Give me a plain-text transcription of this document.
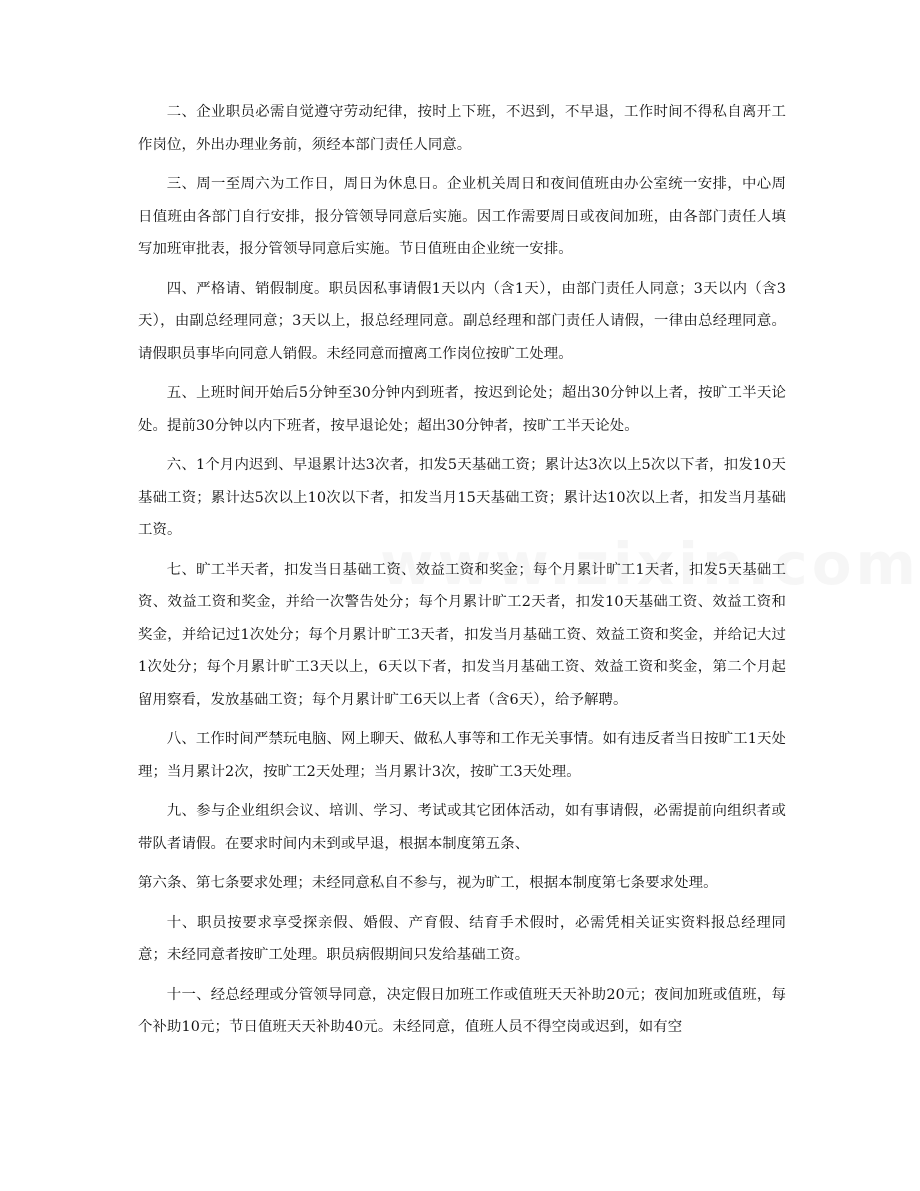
二、企业职员必需自觉遵守劳动纪律，按时上下班，不迟到，不早退，工作时间不得私自离开工作岗位，外出办理业务前，须经本部门责任人同意。

三、周一至周六为工作日，周日为休息日。企业机关周日和夜间值班由办公室统一安排，中心周日值班由各部门自行安排，报分管领导同意后实施。因工作需要周日或夜间加班，由各部门责任人填写加班审批表，报分管领导同意后实施。节日值班由企业统一安排。

四、严格请、销假制度。职员因私事请假1天以内（含1天），由部门责任人同意；3天以内（含3天），由副总经理同意；3天以上，报总经理同意。副总经理和部门责任人请假，一律由总经理同意。请假职员事毕向同意人销假。未经同意而擅离工作岗位按旷工处理。

五、上班时间开始后5分钟至30分钟内到班者，按迟到论处；超出30分钟以上者，按旷工半天论处。提前30分钟以内下班者，按早退论处；超出30分钟者，按旷工半天论处。

六、1个月内迟到、早退累计达3次者，扣发5天基础工资；累计达3次以上5次以下者，扣发10天基础工资；累计达5次以上10次以下者，扣发当月15天基础工资；累计达10次以上者，扣发当月基础工资。

七、旷工半天者，扣发当日基础工资、效益工资和奖金；每个月累计旷工1天者，扣发5天基础工资、效益工资和奖金，并给一次警告处分；每个月累计旷工2天者，扣发10天基础工资、效益工资和奖金，并给记过1次处分；每个月累计旷工3天者，扣发当月基础工资、效益工资和奖金，并给记大过1次处分；每个月累计旷工3天以上，6天以下者，扣发当月基础工资、效益工资和奖金，第二个月起留用察看，发放基础工资；每个月累计旷工6天以上者（含6天），给予解聘。

八、工作时间严禁玩电脑、网上聊天、做私人事等和工作无关事情。如有违反者当日按旷工1天处理；当月累计2次，按旷工2天处理；当月累计3次，按旷工3天处理。

九、参与企业组织会议、培训、学习、考试或其它团体活动，如有事请假，必需提前向组织者或带队者请假。在要求时间内未到或早退，根据本制度第五条、

第六条、第七条要求处理；未经同意私自不参与，视为旷工，根据本制度第七条要求处理。

十、职员按要求享受探亲假、婚假、产育假、结育手术假时，必需凭相关证实资料报总经理同意；未经同意者按旷工处理。职员病假期间只发给基础工资。

十一、经总经理或分管领导同意，决定假日加班工作或值班天天补助20元；夜间加班或值班，每个补助10元；节日值班天天补助40元。未经同意，值班人员不得空岗或迟到，如有空
